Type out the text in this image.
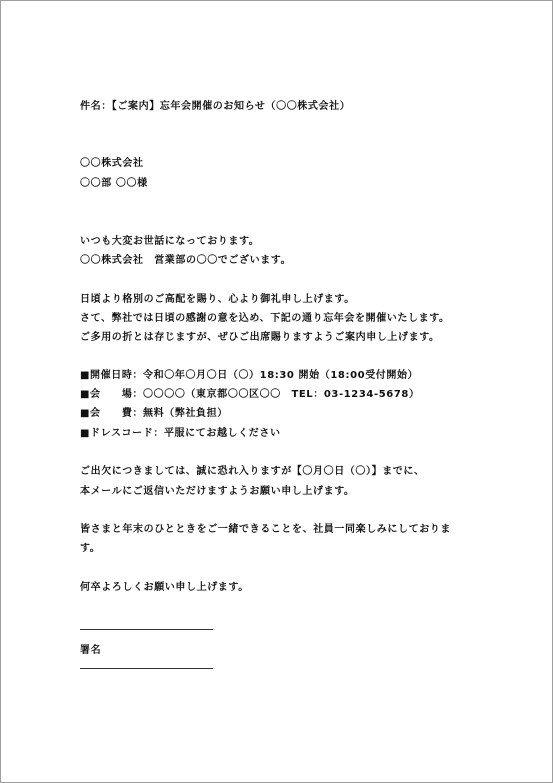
件名：【ご案内】忘年会開催のお知らせ（〇〇株式会社）
〇〇株式会社
〇〇部 〇〇様
いつも大変お世話になっております。
〇〇株式会社　営業部の〇〇でございます。
日頃より格別のご高配を賜り、心より御礼申し上げます。
さて、弊社では日頃の感謝の意を込め、下記の通り忘年会を開催いたします。
ご多用の折とは存じますが、ぜひご出席賜りますようご案内申し上げます。
■開催日時：令和〇年〇月〇日（〇）18:30 開始（18:00受付開始）
■会　　場：〇〇〇〇（東京都〇〇区〇〇　TEL：03-1234-5678）
■会　　費：無料（弊社負担）
■ドレスコード：平服にてお越しください
ご出欠につきましては、誠に恐れ入りますが【〇月〇日（〇）】までに、
本メールにご返信いただけますようお願い申し上げます。
皆さまと年末のひとときをご一緒できることを、社員一同楽しみにしておりま
す。
何卒よろしくお願い申し上げます。
署名
